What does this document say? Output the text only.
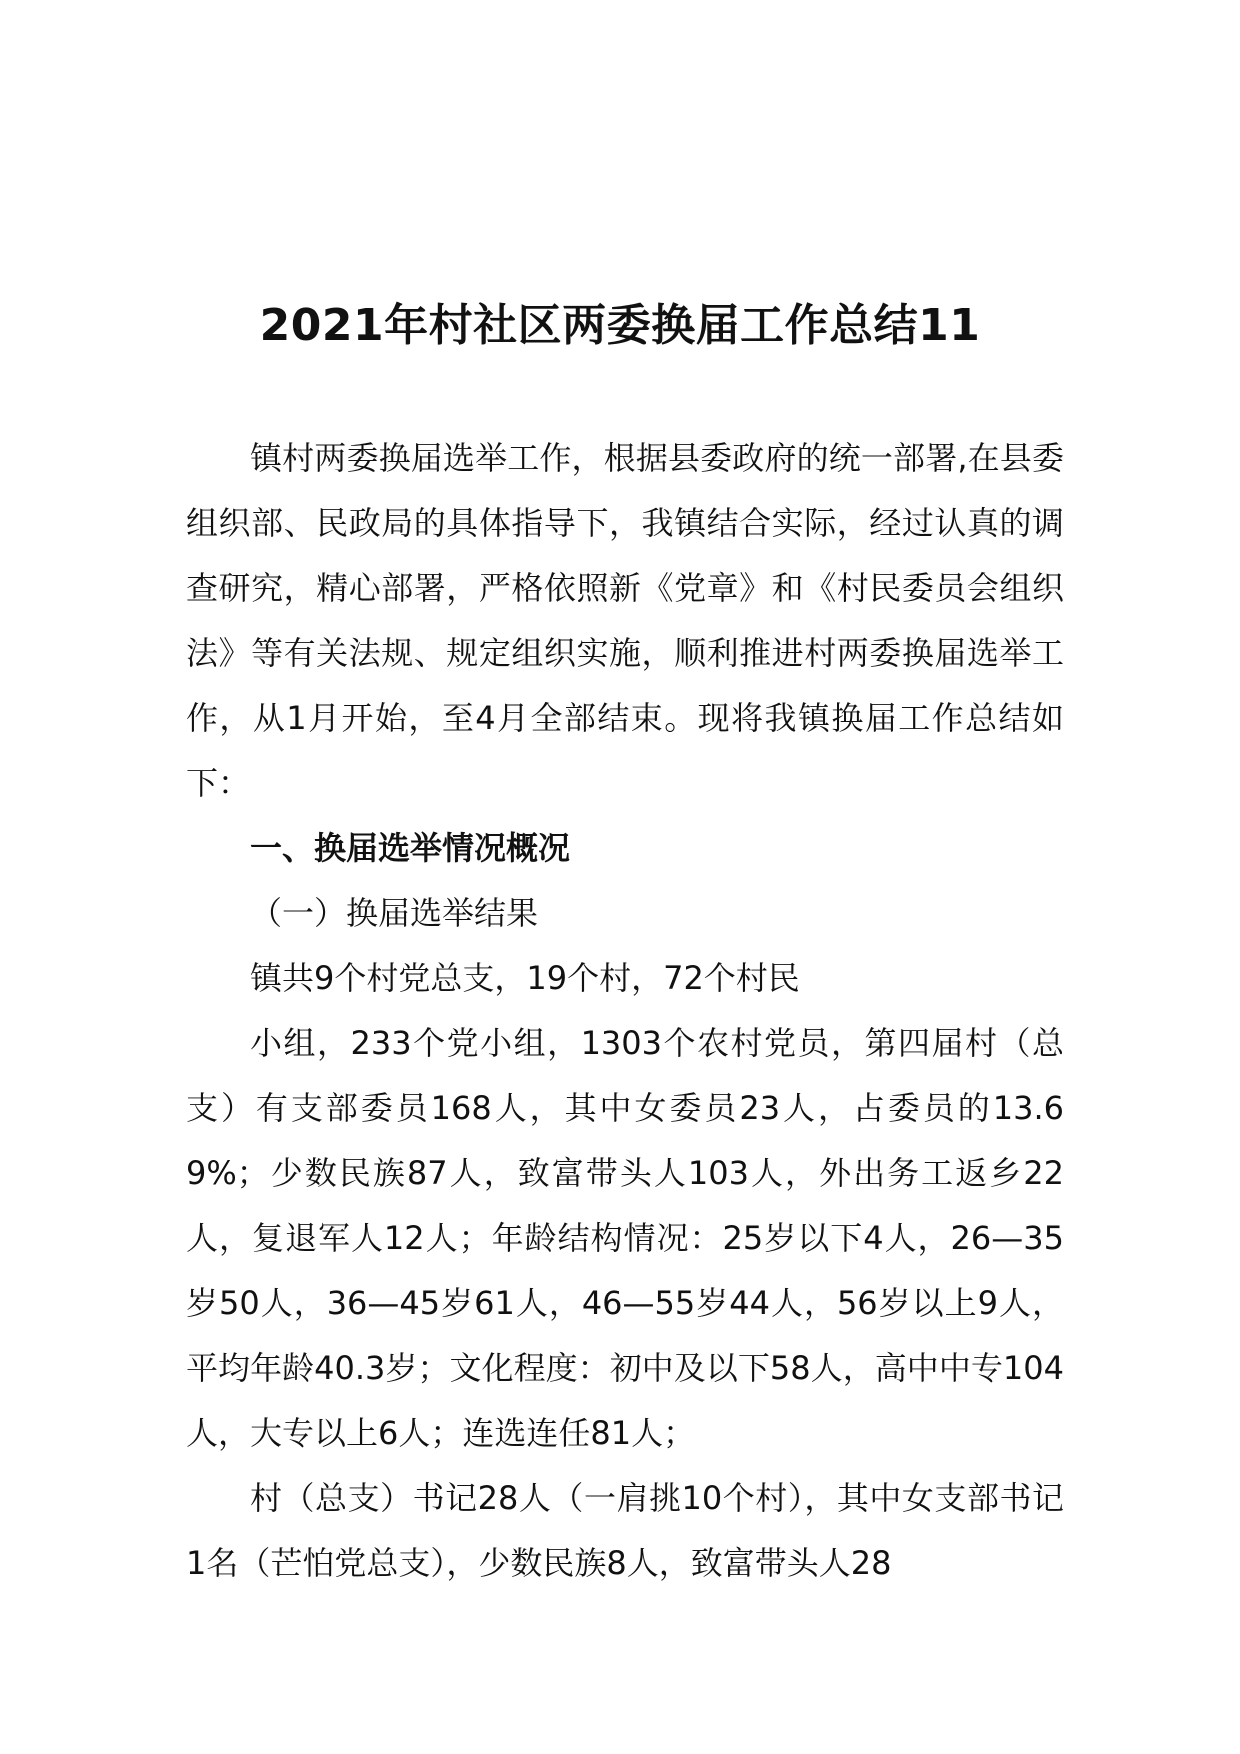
2021年村社区两委换届工作总结11

镇村两委换届选举工作，根据县委政府的统一部署,在县委组织部、民政局的具体指导下，我镇结合实际，经过认真的调查研究，精心部署，严格依照新《党章》和《村民委员会组织法》等有关法规、规定组织实施，顺利推进村两委换届选举工作，从1月开始，至4月全部结束。现将我镇换届工作总结如下：

一、换届选举情况概况

（一）换届选举结果

镇共9个村党总支，19个村，72个村民

小组，233个党小组，1303个农村党员，第四届村（总支）有支部委员168人，其中女委员23人，占委员的13.69%；少数民族87人，致富带头人103人，外出务工返乡22人，复退军人12人；年龄结构情况：25岁以下4人，26—35岁50人，36—45岁61人，46—55岁44人，56岁以上9人，平均年龄40.3岁；文化程度：初中及以下58人，高中中专104人，大专以上6人；连选连任81人；

村（总支）书记28人（一肩挑10个村），其中女支部书记1名（芒怕党总支），少数民族8人，致富带头人28
